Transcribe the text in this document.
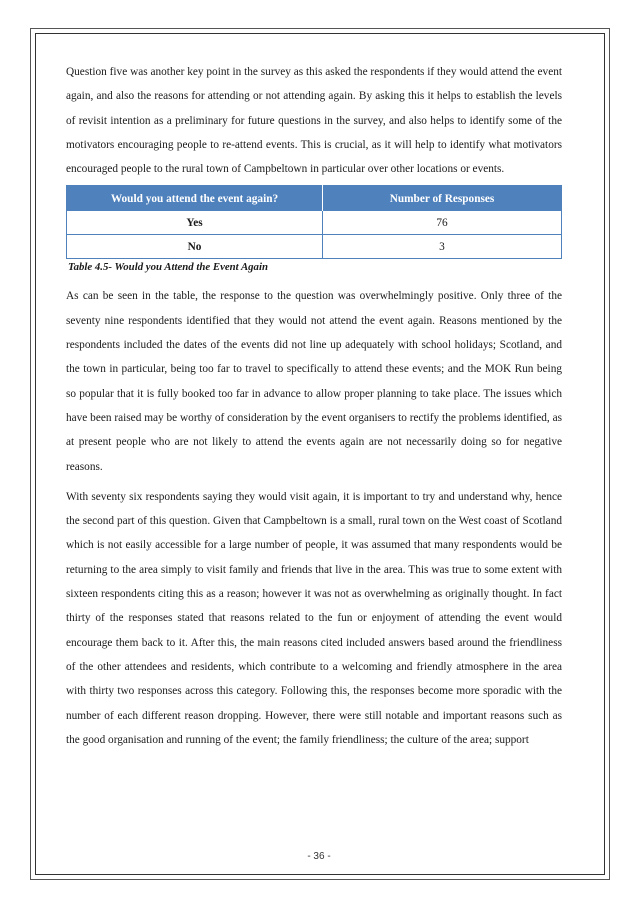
Question five was another key point in the survey as this asked the respondents if they would attend the event again, and also the reasons for attending or not attending again. By asking this it helps to establish the levels of revisit intention as a preliminary for future questions in the survey, and also helps to identify some of the motivators encouraging people to re-attend events. This is crucial, as it will help to identify what motivators encouraged people to the rural town of Campbeltown in particular over other locations or events.

Would you attend the event again?	Number of Responses
Yes	76
No	3
Table 4.5- Would you Attend the Event Again

As can be seen in the table, the response to the question was overwhelmingly positive. Only three of the seventy nine respondents identified that they would not attend the event again. Reasons mentioned by the respondents included the dates of the events did not line up adequately with school holidays; Scotland, and the town in particular, being too far to travel to specifically to attend these events; and the MOK Run being so popular that it is fully booked too far in advance to allow proper planning to take place. The issues which have been raised may be worthy of consideration by the event organisers to rectify the problems identified, as at present people who are not likely to attend the events again are not necessarily doing so for negative reasons.

With seventy six respondents saying they would visit again, it is important to try and understand why, hence the second part of this question. Given that Campbeltown is a small, rural town on the West coast of Scotland which is not easily accessible for a large number of people, it was assumed that many respondents would be returning to the area simply to visit family and friends that live in the area. This was true to some extent with sixteen respondents citing this as a reason; however it was not as overwhelming as originally thought. In fact thirty of the responses stated that reasons related to the fun or enjoyment of attending the event would encourage them back to it. After this, the main reasons cited included answers based around the friendliness of the other attendees and residents, which contribute to a welcoming and friendly atmosphere in the area with thirty two responses across this category. Following this, the responses become more sporadic with the number of each different reason dropping. However, there were still notable and important reasons such as the good organisation and running of the event; the family friendliness; the culture of the area; support

- 36 -
